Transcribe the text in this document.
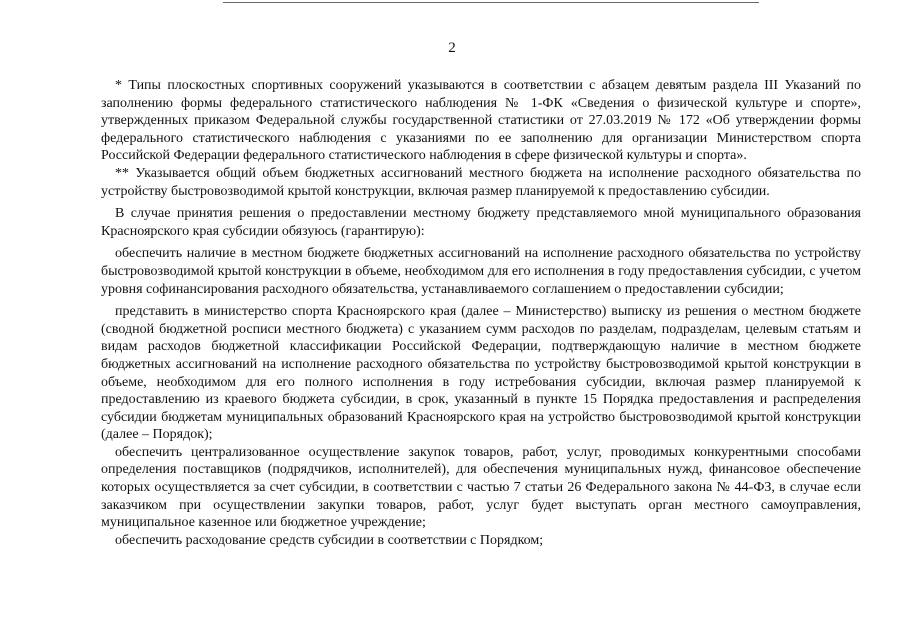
2

* Типы плоскостных спортивных сооружений указываются в соответствии с абзацем девятым раздела III Указаний по заполнению формы федерального статистического наблюдения № 1-ФК «Сведения о физической культуре и спорте», утвержденных приказом Федеральной службы государственной статистики от 27.03.2019 № 172 «Об утверждении формы федерального статистического наблюдения с указаниями по ее заполнению для организации Министерством спорта Российской Федерации федерального статистического наблюдения в сфере физической культуры и спорта».

** Указывается общий объем бюджетных ассигнований местного бюджета на исполнение расходного обязательства по устройству быстровозводимой крытой конструкции, включая размер планируемой к предоставлению субсидии.

В случае принятия решения о предоставлении местному бюджету представляемого мной муниципального образования Красноярского края субсидии обязуюсь (гарантирую):

обеспечить наличие в местном бюджете бюджетных ассигнований на исполнение расходного обязательства по устройству быстровозводимой крытой конструкции в объеме, необходимом для его исполнения в году предоставления субсидии, с учетом уровня софинансирования расходного обязательства, устанавливаемого соглашением о предоставлении субсидии;

представить в министерство спорта Красноярского края (далее – Министерство) выписку из решения о местном бюджете (сводной бюджетной росписи местного бюджета) с указанием сумм расходов по разделам, подразделам, целевым статьям и видам расходов бюджетной классификации Российской Федерации, подтверждающую наличие в местном бюджете бюджетных ассигнований на исполнение расходного обязательства по устройству быстровозводимой крытой конструкции в объеме, необходимом для его полного исполнения в году истребования субсидии, включая размер планируемой к предоставлению из краевого бюджета субсидии, в срок, указанный в пункте 15 Порядка предоставления и распределения субсидии бюджетам муниципальных образований Красноярского края на устройство быстровозводимой крытой конструкции (далее – Порядок);

обеспечить централизованное осуществление закупок товаров, работ, услуг, проводимых конкурентными способами определения поставщиков (подрядчиков, исполнителей), для обеспечения муниципальных нужд, финансовое обеспечение которых осуществляется за счет субсидии, в соответствии с частью 7 статьи 26 Федерального закона № 44-ФЗ, в случае если заказчиком при осуществлении закупки товаров, работ, услуг будет выступать орган местного самоуправления, муниципальное казенное или бюджетное учреждение;

обеспечить расходование средств субсидии в соответствии с Порядком;
